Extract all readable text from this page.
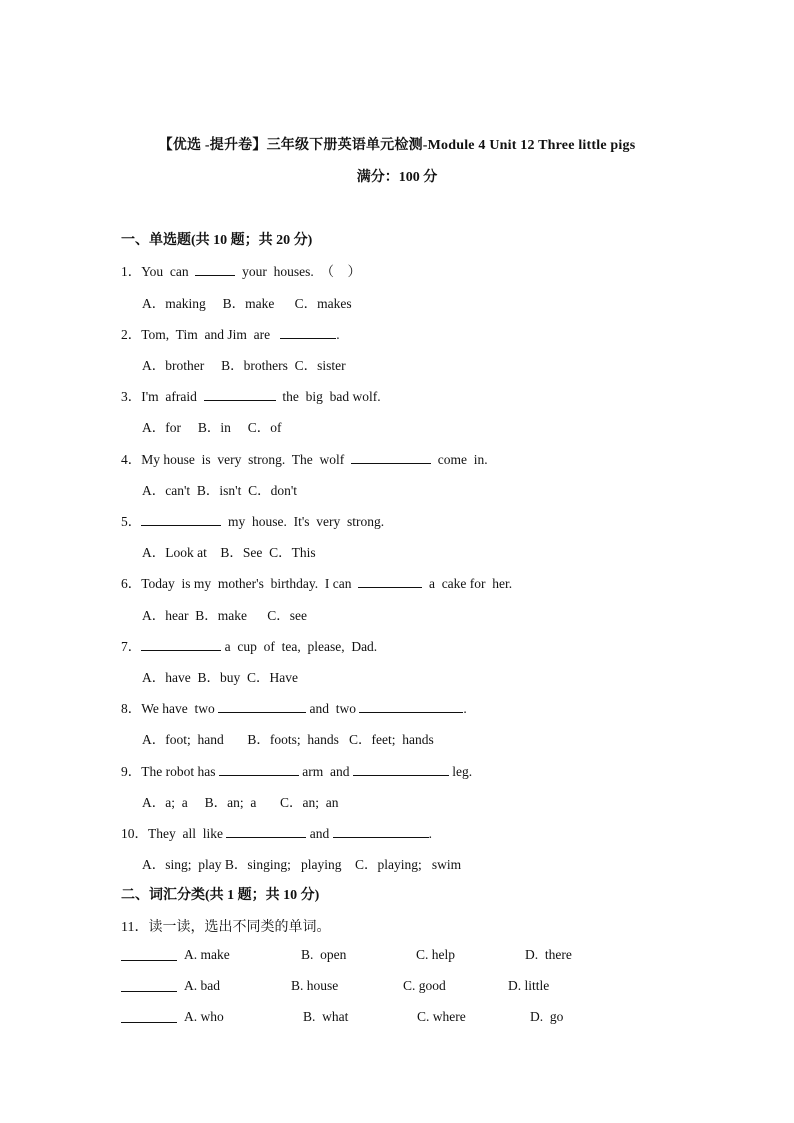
【优选 -提升卷】三年级下册英语单元检测-Module 4 Unit 12 Three little pigs
满分：100 分
一、单选题(共 10 题；共 20 分)
1．You  can	your  houses.  （    ）
A．making     B．make      C．makes
2．Tom,  Tim  and Jim  are	.
A．brother     B．brothers  C．sister
3．I'm  afraid	the  big  bad wolf.
A．for     B．in     C．of
4．My house  is  very  strong.  The  wolf	come  in.
A．can't  B．isn't  C．don't
5．	my  house.  It's  very  strong.
A．Look at    B．See  C．This
6．Today  is my  mother's  birthday.  I can	a  cake for  her.
A．hear  B．make      C．see
7．	a  cup  of  tea,  please,  Dad.
A．have  B．buy  C．Have
8．We have  two	and  two	.
A．foot;  hand       B．foots;  hands   C．feet;  hands
9．The robot has	arm  and	leg.
A．a;  a     B．an;  a       C．an;  an
10．They  all  like	and	.
A．sing;  play B．singing;   playing    C．playing;   swim
二、词汇分类(共 1 题；共 10 分)
11．读一读，选出不同类的单词。
A. make	B.  open	C. help	D.  there
A. bad	B. house	C. good	D. little
A. who	B.  what	C. where	D.  go
